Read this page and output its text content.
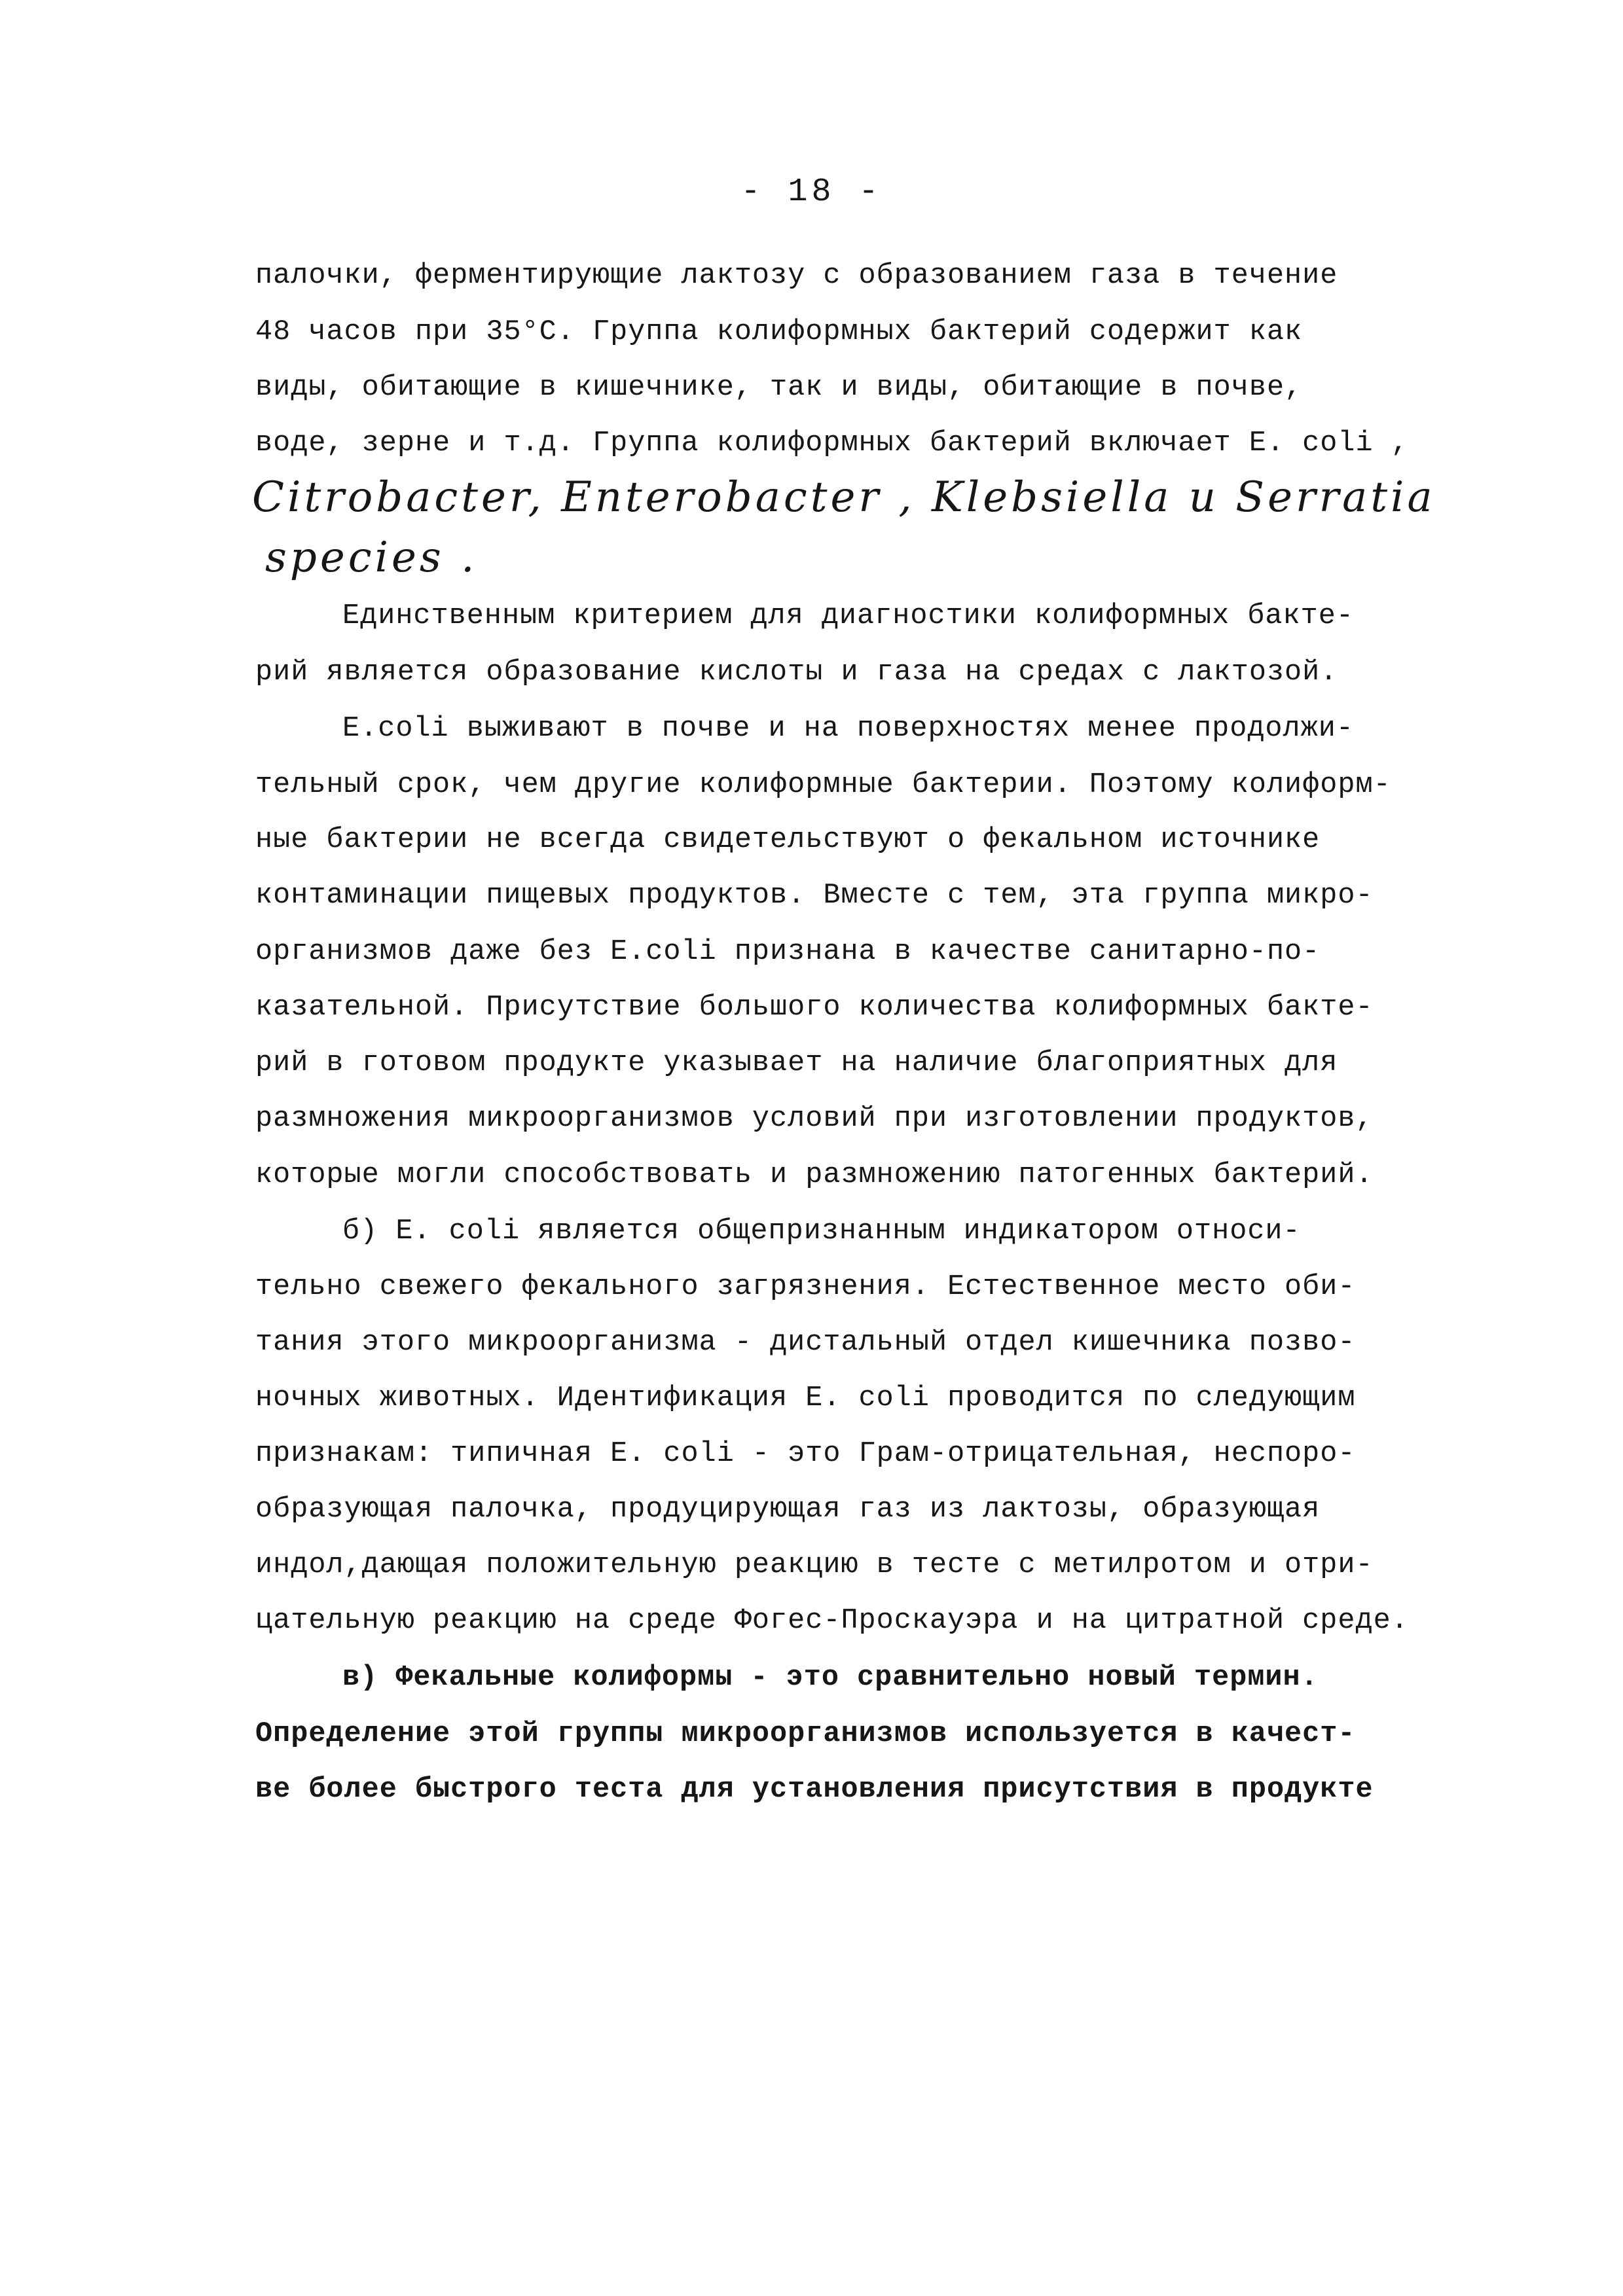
- 18 -
палочки, ферментирующие лактозу с образованием газа в течение
48 часов при 35°С. Группа колиформных бактерий содержит как
виды, обитающие в кишечнике, так и виды, обитающие в почве,
воде, зерне и т.д. Группа колиформных бактерий включает E. coli ,
Citrobacter, Enterobacter , Klebsiella и Serratia
species .
Единственным критерием для диагностики колиформных бакте-
рий является образование кислоты и газа на средах с лактозой.
E.coli выживают в почве и на поверхностях менее продолжи-
тельный срок, чем другие колиформные бактерии. Поэтому колиформ-
ные бактерии не всегда свидетельствуют о фекальном источнике
контаминации пищевых продуктов. Вместе с тем, эта группа микро-
организмов даже без E.coli признана в качестве санитарно-по-
казательной. Присутствие большого количества колиформных бакте-
рий в готовом продукте указывает на наличие благоприятных для
размножения микроорганизмов условий при изготовлении продуктов,
которые могли способствовать и размножению патогенных бактерий.
б) E. coli является общепризнанным индикатором относи-
тельно свежего фекального загрязнения. Естественное место оби-
тания этого микроорганизма - дистальный отдел кишечника позво-
ночных животных. Идентификация E. coli проводится по следующим
признакам: типичная E. coli - это Грам-отрицательная, неспоро-
образующая палочка, продуцирующая газ из лактозы, образующая
индол,дающая положительную реакцию в тесте с метилротом и отри-
цательную реакцию на среде Фогес-Проскауэра и на цитратной среде.
в) Фекальные колиформы - это сравнительно новый термин.
Определение этой группы микроорганизмов используется в качест-
ве более быстрого теста для установления присутствия в продукте
